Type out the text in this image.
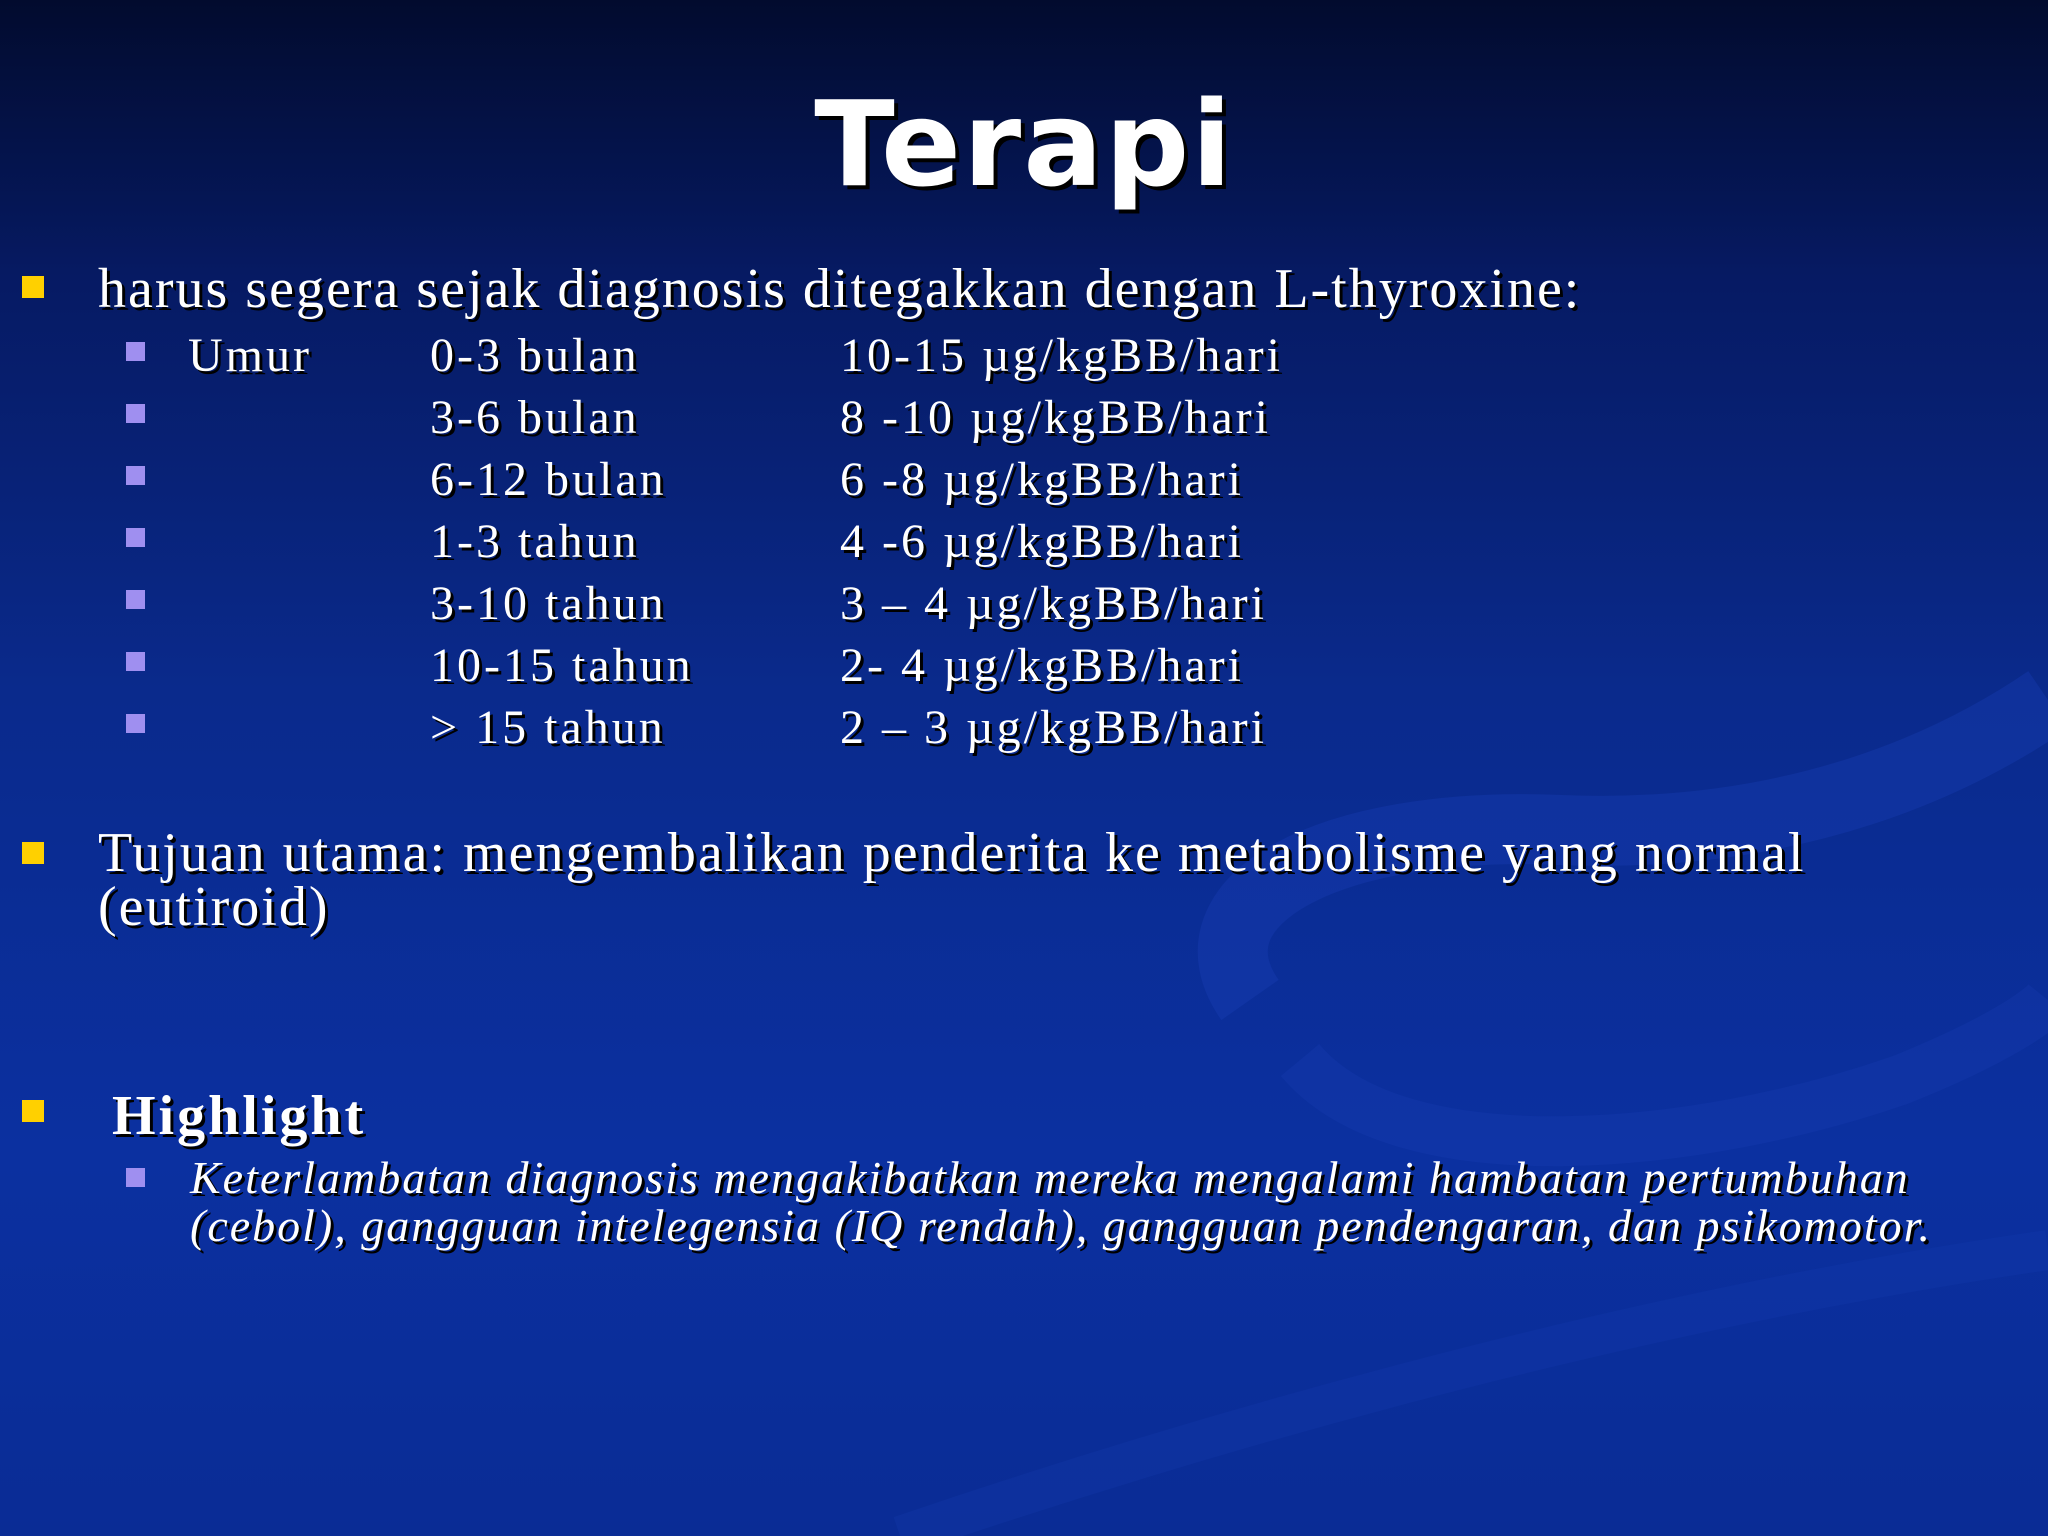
Terapi
harus segera sejak diagnosis ditegakkan dengan L-thyroxine:
Umur 0-3 bulan	10-15 µg/kgBB/hari
3-6 bulan	8 -10 µg/kgBB/hari
6-12 bulan	6 -8 µg/kgBB/hari
1-3 tahun	4 -6 µg/kgBB/hari
3-10 tahun	3 – 4 µg/kgBB/hari
10-15 tahun	2- 4 µg/kgBB/hari
> 15 tahun	2 – 3 µg/kgBB/hari
Tujuan utama: mengembalikan penderita ke metabolisme yang normal (eutiroid)
Highlight
Keterlambatan diagnosis mengakibatkan mereka mengalami hambatan pertumbuhan (cebol), gangguan intelegensia (IQ rendah), gangguan pendengaran, dan psikomotor.
